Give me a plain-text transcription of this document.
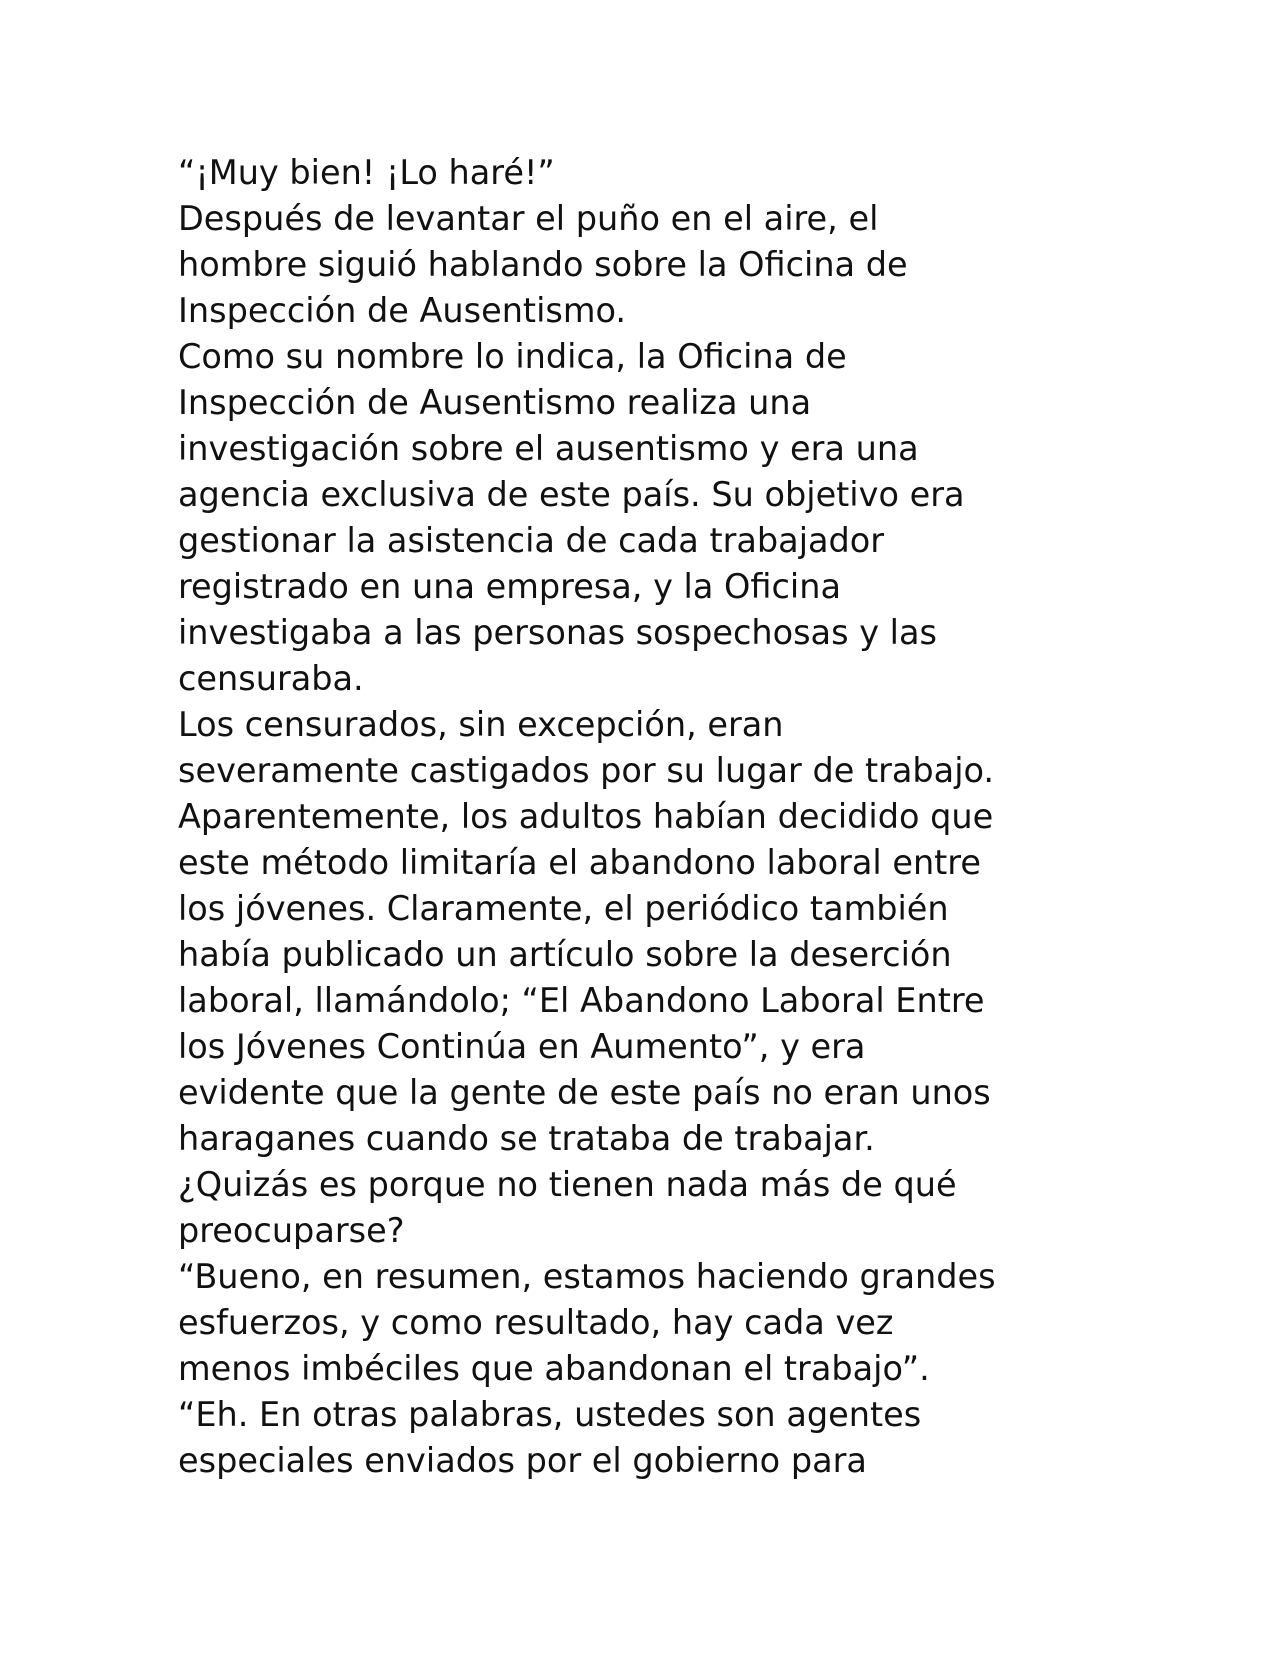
“¡Muy bien! ¡Lo haré!”
Después de levantar el puño en el aire, el
hombre siguió hablando sobre la Oficina de
Inspección de Ausentismo.
Como su nombre lo indica, la Oficina de
Inspección de Ausentismo realiza una
investigación sobre el ausentismo y era una
agencia exclusiva de este país. Su objetivo era
gestionar la asistencia de cada trabajador
registrado en una empresa, y la Oficina
investigaba a las personas sospechosas y las
censuraba.
Los censurados, sin excepción, eran
severamente castigados por su lugar de trabajo.
Aparentemente, los adultos habían decidido que
este método limitaría el abandono laboral entre
los jóvenes. Claramente, el periódico también
había publicado un artículo sobre la deserción
laboral, llamándolo; “El Abandono Laboral Entre
los Jóvenes Continúa en Aumento”, y era
evidente que la gente de este país no eran unos
haraganes cuando se trataba de trabajar.
¿Quizás es porque no tienen nada más de qué
preocuparse?
“Bueno, en resumen, estamos haciendo grandes
esfuerzos, y como resultado, hay cada vez
menos imbéciles que abandonan el trabajo”.
“Eh. En otras palabras, ustedes son agentes
especiales enviados por el gobierno para
